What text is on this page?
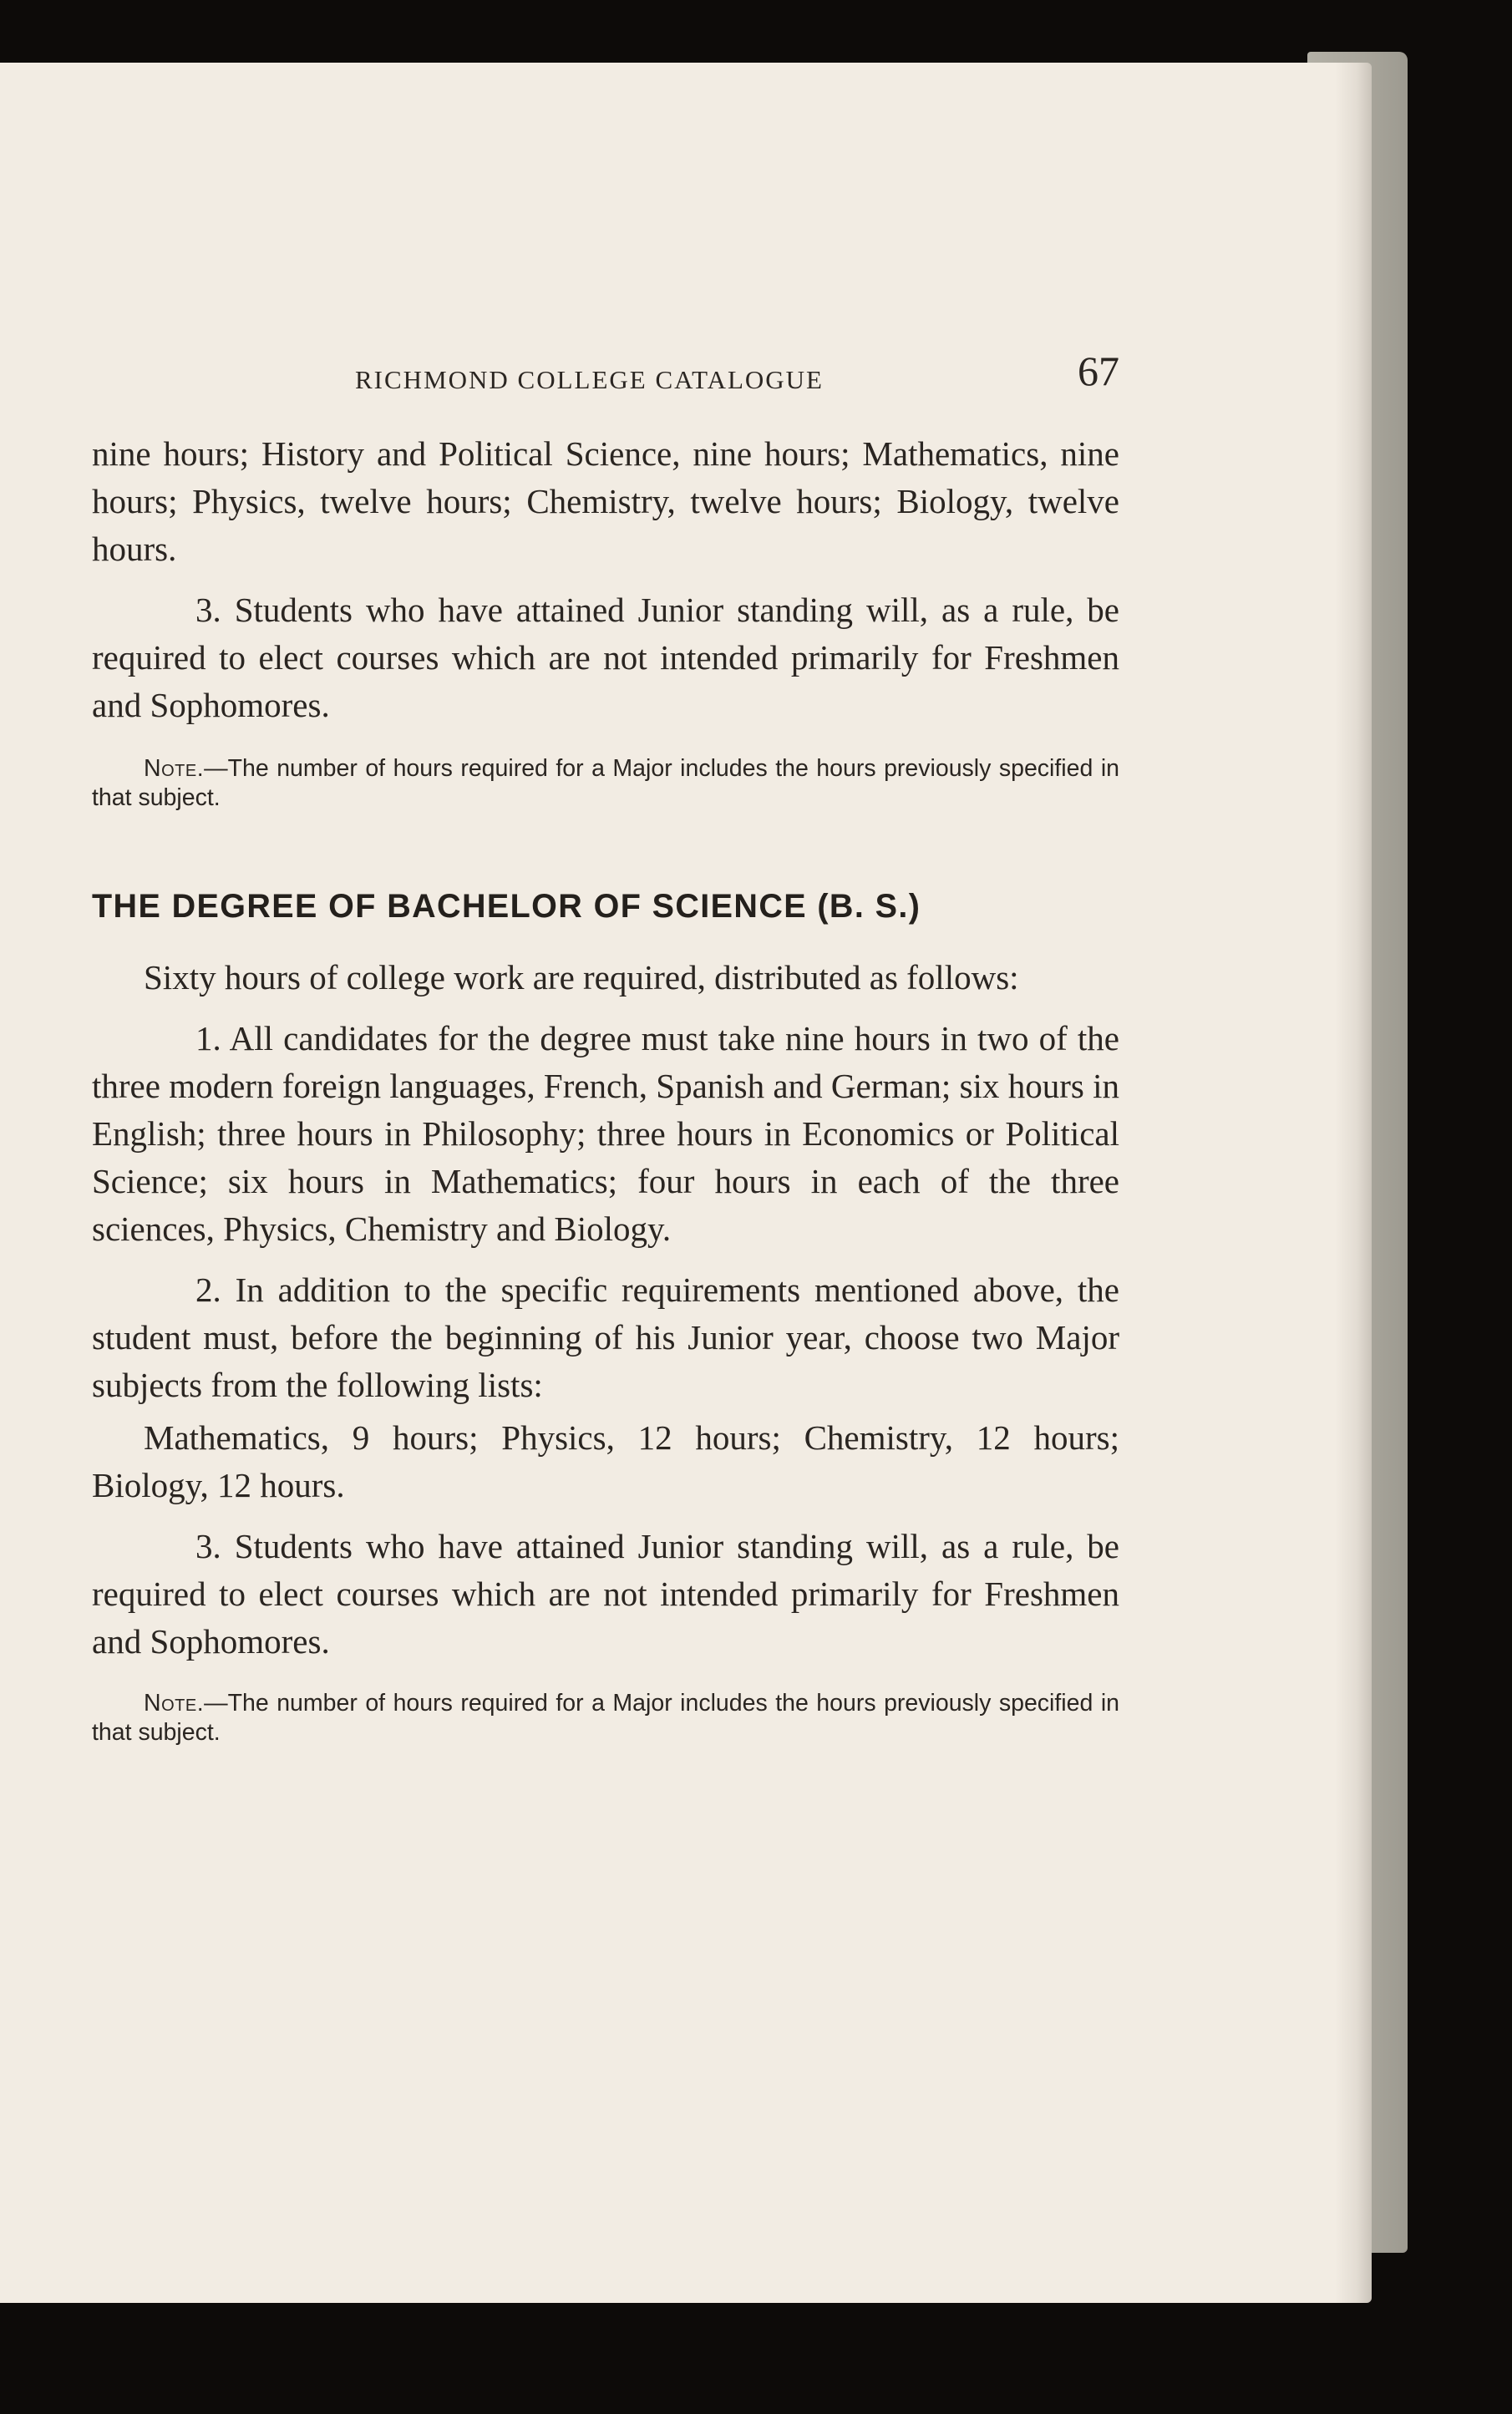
RICHMOND COLLEGE CATALOGUE	67

nine hours; History and Political Science, nine hours; Mathematics, nine hours; Physics, twelve hours; Chemistry, twelve hours; Biology, twelve hours.

3. Students who have attained Junior standing will, as a rule, be required to elect courses which are not intended primarily for Freshmen and Sophomores.

Note.—The number of hours required for a Major includes the hours previously specified in that subject.

THE DEGREE OF BACHELOR OF SCIENCE (B. S.)

Sixty hours of college work are required, distributed as follows:

1. All candidates for the degree must take nine hours in two of the three modern foreign languages, French, Spanish and German; six hours in English; three hours in Philosophy; three hours in Economics or Political Science; six hours in Mathematics; four hours in each of the three sciences, Physics, Chemistry and Biology.

2. In addition to the specific requirements mentioned above, the student must, before the beginning of his Junior year, choose two Major subjects from the following lists:

Mathematics, 9 hours; Physics, 12 hours; Chemistry, 12 hours; Biology, 12 hours.

3. Students who have attained Junior standing will, as a rule, be required to elect courses which are not intended primarily for Freshmen and Sophomores.

Note.—The number of hours required for a Major includes the hours previously specified in that subject.
